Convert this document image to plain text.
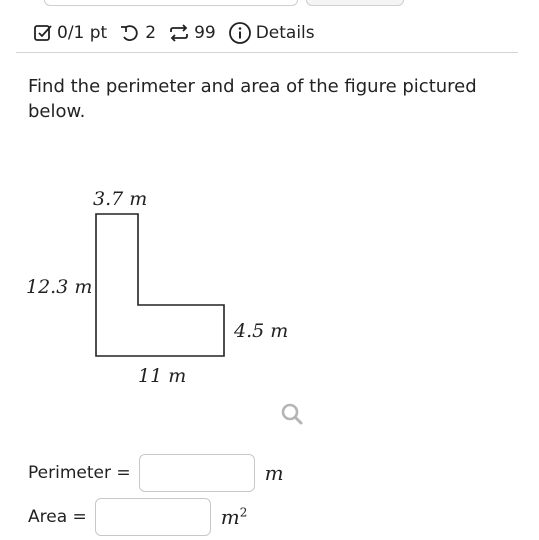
0/1 pt 2 99 Details
Find the perimeter and area of the figure pictured below.
3.7 m
12.3 m
4.5 m
11 m
Perimeter =	m
Area =	$m^2$
